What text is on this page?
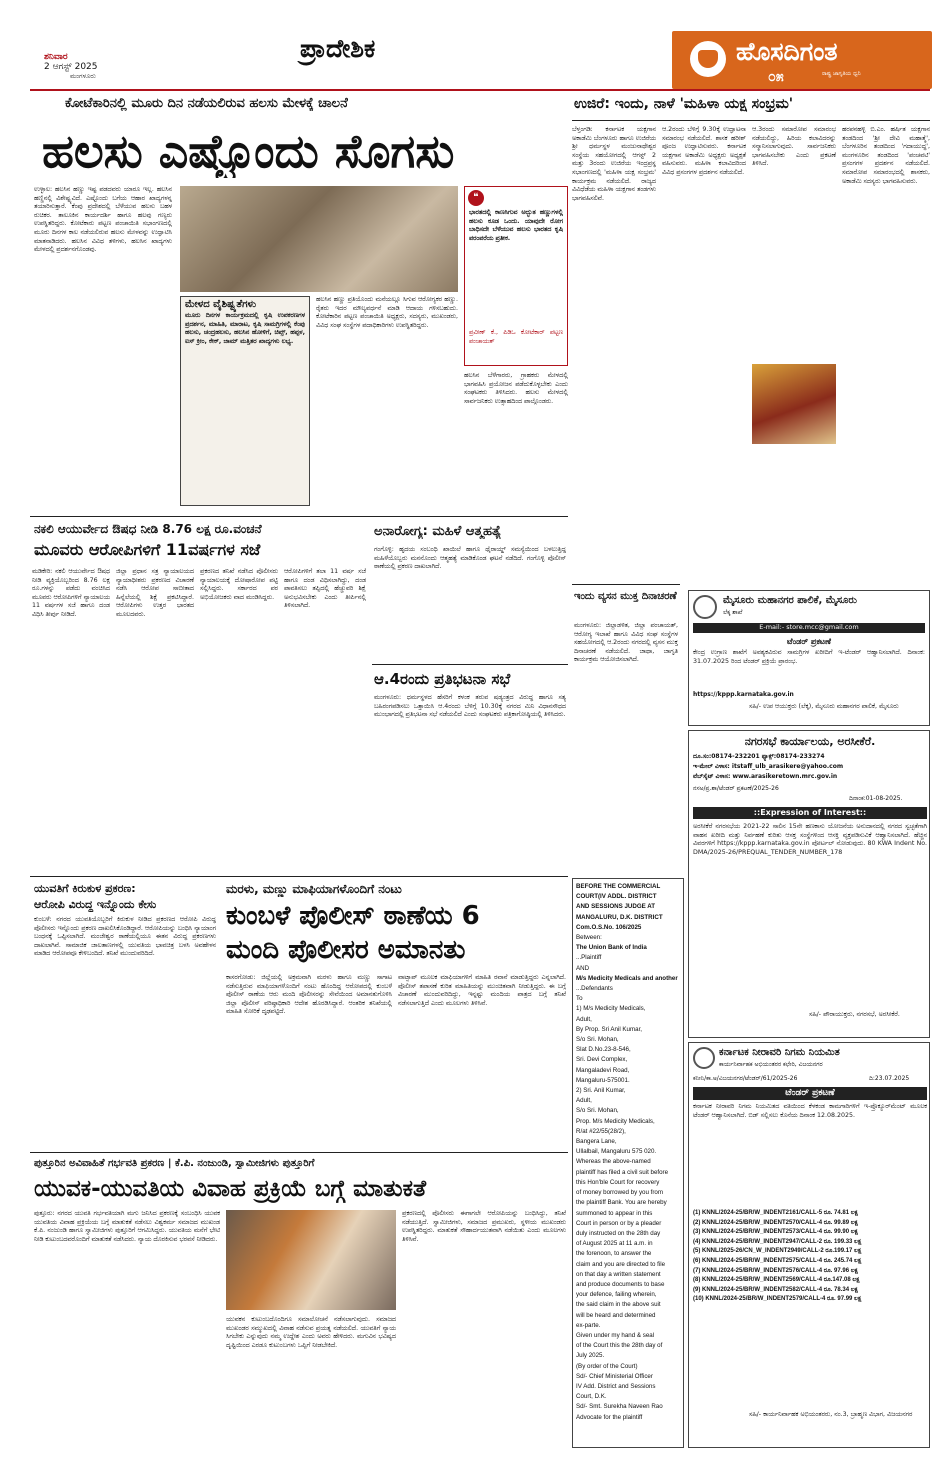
ಶನಿವಾರ
2 ಆಗಸ್ಟ್ 2025
ಮಂಗಳೂರು
ಪ್ರಾದೇಶಿಕ	ಹೊಸದಿಗಂತ
ರಾಷ್ಟ್ರ ಜಾಗೃತಿಯ ಧ್ವನಿ
೦೫
ಕೋಟೆಕಾರಿನಲ್ಲಿ ಮೂರು ದಿನ ನಡೆಯಲಿರುವ ಹಲಸು ಮೇಳಕ್ಕೆ ಚಾಲನೆ
ಹಲಸು ಎಷ್ಟೊಂದು ಸೊಗಸು
ಉಳ್ಳಾಲ: ಹಲಸಿನ ಹಣ್ಣು ಇಷ್ಟ ಪಡದವರು ಯಾರೂ ಇಲ್ಲ. ಹಲಸಿನ ಹಣ್ಣಿನಲ್ಲಿ ವಿಶೇಷ್ಟ್ಯವಿದೆ. ಎಷ್ಟೊಂದು ಬಗೆಯ ಆಹಾರ ಖಾದ್ಯಗಳನ್ನ ತಯಾರಿಸುತ್ತಾರೆ. ಕೆಂಪು ಪ್ರದೇಶದಲ್ಲಿ ಬೆಳೆಯುವ ಹಲಸು ಬಹಳ ರುಚಿಕರ. ತಾಲೂಕಿನ ಕಾರ್ಯದರ್ಶಿ ಹಾಗೂ ಹಲವು ಗಣ್ಯರು ಉಪಸ್ಥಿತರಿದ್ದರು. ಕೋಟೆಕಾರು ಪಟ್ಟಣ ಪಂಚಾಯಿತಿ ಸಭಾಂಗಣದಲ್ಲಿ ಮೂರು ದಿನಗಳ ಕಾಲ ನಡೆಯಲಿರುವ ಹಲಸು ಮೇಳವನ್ನು ಉದ್ಘಾಟಿಸಿ ಮಾತನಾಡಿದರು. ಹಲಸಿನ ವಿವಿಧ ತಳಿಗಳು, ಹಲಸಿನ ಖಾದ್ಯಗಳು ಮೇಳದಲ್ಲಿ ಪ್ರದರ್ಶನಗೊಂಡವು.
ಮೇಳದ ವೈಶಿಷ್ಟ್ಯತೆಗಳು
ಮೂರು ದಿನಗಳ ಕಾರ್ಯಕ್ರಮದಲ್ಲಿ ಕೃಷಿ ಉಪಕರಣಗಳ ಪ್ರದರ್ಶನ, ಮಾಹಿತಿ, ಮಾರಾಟ, ಕೃಷಿ ಸಾಮಗ್ರಿಗಳಲ್ಲಿ ಕೆಂಪು ಹಲಸು, ಚಂದ್ರಹಲಸು, ಹಲಸಿನ ಹೋಳಿಗೆ, ಚಿಪ್ಸ್, ಹಪ್ಪಳ, ಐಸ್ ಕ್ರೀಂ, ಕೇಕ್, ಜಾಮ್ ಮತ್ತಿತರ ಖಾದ್ಯಗಳು ಲಭ್ಯ.
ಹಲಸಿನ ಹಣ್ಣು ಪ್ರತಿಯೊಂದು ಮನೆಯಲ್ಲೂ ಸಿಗುವ ಆರೋಗ್ಯಕರ ಹಣ್ಣು. ರೈತರು ಇದರ ಮೌಲ್ಯವರ್ಧನೆ ಮಾಡಿ ಆದಾಯ ಗಳಿಸಬಹುದು. ಕೋಟೆಕಾರಿನ ಪಟ್ಟಣ ಪಂಚಾಯಿತಿ ಅಧ್ಯಕ್ಷರು, ಸದಸ್ಯರು, ಮುಖಂಡರು, ವಿವಿಧ ಸಂಘ ಸಂಸ್ಥೆಗಳ ಪದಾಧಿಕಾರಿಗಳು ಉಪಸ್ಥಿತರಿದ್ದರು.
❝
ಭಾರತದಲ್ಲಿ ಕಾಣಸಿಗುವ ಅದ್ಭುತ ಹಣ್ಣುಗಳಲ್ಲಿ ಹಲಸು ಕೂಡ ಒಂದು. ಯಾವುದೇ ರೋಗ ಬಾಧಿಸದೇ ಬೆಳೆಯುವ ಹಲಸು ಭಾರತದ ಕೃಷಿ ಪರಂಪರೆಯ ಪ್ರತೀಕ.
ಪ್ರವೀಣ್ ಕೆ., ಪಿಡಿಒ ಕೋಟೆಕಾರ್ ಪಟ್ಟಣ ಪಂಚಾಯತ್
ಹಲಸಿನ ಬೆಳೆಗಾರರು, ಗ್ರಾಹಕರು ಮೇಳದಲ್ಲಿ ಭಾಗವಹಿಸಿ ಪ್ರಯೋಜನ ಪಡೆದುಕೊಳ್ಳಬೇಕು ಎಂದು ಸಂಘಟಕರು ತಿಳಿಸಿದರು. ಹಲಸು ಮೇಳದಲ್ಲಿ ಸಾರ್ವಜನಿಕರು ಉತ್ಸಾಹದಿಂದ ಪಾಲ್ಗೊಂಡರು.
ಉಜಿರೆ: ಇಂದು, ನಾಳೆ 'ಮಹಿಳಾ ಯಕ್ಷ ಸಂಭ್ರಮ'
ಬೆಳ್ತಂಗಡಿ: ಕರ್ನಾಟಕ ಯಕ್ಷಗಾನ ಅಕಾಡೆಮಿ ಬೆಂಗಳೂರು ಹಾಗೂ ಉಜಿರೆಯ ಶ್ರೀ ಧರ್ಮಸ್ಥಳ ಮಂಜುನಾಥೇಶ್ವರ ಸಂಸ್ಥೆಯ ಸಹಯೋಗದಲ್ಲಿ ಆಗಸ್ಟ್ 2 ಮತ್ತು 3ರಂದು ಉಜಿರೆಯ ಇಂದ್ರಪ್ರಸ್ಥ ಸಭಾಂಗಣದಲ್ಲಿ 'ಮಹಿಳಾ ಯಕ್ಷ ಸಂಭ್ರಮ' ಕಾರ್ಯಕ್ರಮ ನಡೆಯಲಿದೆ. ರಾಜ್ಯದ ವಿವಿಧೆಡೆಯ ಮಹಿಳಾ ಯಕ್ಷಗಾನ ತಂಡಗಳು ಭಾಗವಹಿಸಲಿವೆ.
ಆ.2ರಂದು ಬೆಳಿಗ್ಗೆ 9.30ಕ್ಕೆ ಉದ್ಘಾಟನಾ ಸಮಾರಂಭ ನಡೆಯಲಿದೆ. ಶಾಸಕ ಹರೀಶ್ ಪೂಂಜ ಉದ್ಘಾಟಿಸುವರು. ಕರ್ನಾಟಕ ಯಕ್ಷಗಾನ ಅಕಾಡೆಮಿ ಅಧ್ಯಕ್ಷರು ಅಧ್ಯಕ್ಷತೆ ವಹಿಸುವರು. ಮಹಿಳಾ ಕಲಾವಿದರಿಂದ ವಿವಿಧ ಪ್ರಸಂಗಗಳ ಪ್ರದರ್ಶನ ನಡೆಯಲಿದೆ.
ಆ.3ರಂದು ಸಮಾರೋಪ ಸಮಾರಂಭ ನಡೆಯಲಿದ್ದು, ಹಿರಿಯ ಕಲಾವಿದರನ್ನು ಸನ್ಮಾನಿಸಲಾಗುವುದು. ಸಾರ್ವಜನಿಕರು ಭಾಗವಹಿಸಬೇಕು ಎಂದು ಪ್ರಕಟಣೆ ತಿಳಿಸಿದೆ.
ಹರಪನಹಳ್ಳಿ ಬಿ.ಎಂ. ಹರ್ಷಿತ ಯಕ್ಷಗಾನ ತಂಡದಿಂದ 'ಶ್ರೀ ದೇವಿ ಮಹಾತ್ಮೆ', ಬೆಂಗಳೂರಿನ ತಂಡದಿಂದ 'ಗದಾಯುದ್ಧ', ಮಂಗಳೂರಿನ ತಂಡದಿಂದ 'ಪಂಚವಟಿ' ಪ್ರಸಂಗಗಳ ಪ್ರದರ್ಶನ ನಡೆಯಲಿದೆ. ಸಮಾರೋಪ ಸಮಾರಂಭದಲ್ಲಿ ಶಾಸಕರು, ಅಕಾಡೆಮಿ ಸದಸ್ಯರು ಭಾಗವಹಿಸುವರು.
ನಕಲಿ ಆಯುರ್ವೇದ ಔಷಧ ನೀಡಿ 8.76 ಲಕ್ಷ ರೂ.ವಂಚನೆ
ಮೂವರು ಆರೋಪಿಗಳಿಗೆ 11ವರ್ಷಗಳ ಸಜೆ
ಮಡಿಕೇರಿ: ನಕಲಿ ಆಯುರ್ವೇದ ಔಷಧ ನೀಡಿ ವ್ಯಕ್ತಿಯೊಬ್ಬರಿಂದ 8.76 ಲಕ್ಷ ರೂ.ಗಳನ್ನು ಪಡೆದು ವಂಚಿಸಿದ ಮೂವರು ಆರೋಪಿಗಳಿಗೆ ನ್ಯಾಯಾಲಯ 11 ವರ್ಷಗಳ ಸಜೆ ಹಾಗೂ ದಂಡ ವಿಧಿಸಿ ತೀರ್ಪು ನೀಡಿದೆ.
ಜಿಲ್ಲಾ ಪ್ರಧಾನ ಸತ್ರ ನ್ಯಾಯಾಲಯದ ನ್ಯಾಯಾಧೀಶರು ಪ್ರಕರಣದ ವಿಚಾರಣೆ ನಡೆಸಿ ಆರೋಪ ಸಾಬೀತಾದ ಹಿನ್ನೆಲೆಯಲ್ಲಿ ಶಿಕ್ಷೆ ಪ್ರಕಟಿಸಿದ್ದಾರೆ. ಆರೋಪಿಗಳು ಉತ್ತರ ಭಾರತದ ಮೂಲದವರು.
ಪ್ರಕರಣದ ತನಿಖೆ ನಡೆಸಿದ ಪೊಲೀಸರು ನ್ಯಾಯಾಲಯಕ್ಕೆ ದೋಷಾರೋಪ ಪಟ್ಟಿ ಸಲ್ಲಿಸಿದ್ದರು. ಸರ್ಕಾರದ ಪರ ಅಭಿಯೋಜಕರು ವಾದ ಮಂಡಿಸಿದ್ದರು.
ಆರೋಪಿಗಳಿಗೆ ತಲಾ 11 ವರ್ಷ ಸಜೆ ಹಾಗೂ ದಂಡ ವಿಧಿಸಲಾಗಿದ್ದು, ದಂಡ ಪಾವತಿಸಲು ತಪ್ಪಿದಲ್ಲಿ ಹೆಚ್ಚುವರಿ ಶಿಕ್ಷೆ ಅನುಭವಿಸಬೇಕು ಎಂದು ತೀರ್ಪಿನಲ್ಲಿ ತಿಳಿಸಲಾಗಿದೆ.
ಅನಾರೋಗ್ಯ: ಮಹಿಳೆ ಆತ್ಮಹತ್ಯೆ
ಗಂಗೊಳ್ಳಿ: ಹೃದಯ ಸಂಬಂಧಿ ಖಾಯಿಲೆ ಹಾಗೂ ಥೈರಾಯ್ಡ್ ಸಮಸ್ಯೆಯಿಂದ ಬಳಲುತ್ತಿದ್ದ ಮಹಿಳೆಯೊಬ್ಬರು ಮನನೊಂದು ಆತ್ಮಹತ್ಯೆ ಮಾಡಿಕೊಂಡ ಘಟನೆ ನಡೆದಿದೆ. ಗಂಗೊಳ್ಳಿ ಪೊಲೀಸ್ ಠಾಣೆಯಲ್ಲಿ ಪ್ರಕರಣ ದಾಖಲಾಗಿದೆ.
ಆ.4ರಂದು ಪ್ರತಿಭಟನಾ ಸಭೆ
ಮಂಗಳೂರು: ಧರ್ಮಸ್ಥಳದ ಹೆಸರಿಗೆ ಕಳಂಕ ತರುವ ಷಡ್ಯಂತ್ರದ ವಿರುದ್ಧ ಹಾಗೂ ಸತ್ಯ ಬಹಿರಂಗಪಡಿಸಲು ಒತ್ತಾಯಿಸಿ ಆ.4ರಂದು ಬೆಳಿಗ್ಗೆ 10.30ಕ್ಕೆ ನಗರದ ಮಿನಿ ವಿಧಾನಸೌಧದ ಮುಂಭಾಗದಲ್ಲಿ ಪ್ರತಿಭಟನಾ ಸಭೆ ನಡೆಯಲಿದೆ ಎಂದು ಸಂಘಟಕರು ಪತ್ರಿಕಾಗೋಷ್ಠಿಯಲ್ಲಿ ತಿಳಿಸಿದರು.
ಇಂದು ವ್ಯಸನ ಮುಕ್ತ ದಿನಾಚರಣೆ
ಮಂಗಳೂರು: ಜಿಲ್ಲಾಡಳಿತ, ಜಿಲ್ಲಾ ಪಂಚಾಯತ್, ಆರೋಗ್ಯ ಇಲಾಖೆ ಹಾಗೂ ವಿವಿಧ ಸಂಘ ಸಂಸ್ಥೆಗಳ ಸಹಯೋಗದಲ್ಲಿ ಆ.2ರಂದು ನಗರದಲ್ಲಿ ವ್ಯಸನ ಮುಕ್ತ ದಿನಾಚರಣೆ ನಡೆಯಲಿದೆ. ಜಾಥಾ, ಜಾಗೃತಿ ಕಾರ್ಯಕ್ರಮ ಆಯೋಜಿಸಲಾಗಿದೆ.
ಮೈಸೂರು ಮಹಾನಗರ ಪಾಲಿಕೆ, ಮೈಸೂರು
ಲೆಕ್ಕ ಶಾಖೆ
E-mail:- store.mcc@gmail.com
ಟೆಂಡರ್ ಪ್ರಕಟಣೆ
ಕೇಂದ್ರ ಉಗ್ರಾಣ ಶಾಖೆಗೆ ಅವಶ್ಯಕವಿರುವ ಸಾಮಗ್ರಿಗಳ ಖರೀದಿಗೆ ಇ-ಟೆಂಡರ್ ಆಹ್ವಾನಿಸಲಾಗಿದೆ. ದಿನಾಂಕ: 31.07.2025 ರಿಂದ ಟೆಂಡರ್ ಪ್ರಕ್ರಿಯೆ ಪ್ರಾರಂಭ.
https://kppp.karnataka.gov.in
ಸಹಿ/- ಉಪ ಆಯುಕ್ತರು (ಲೆಕ್ಕ), ಮೈಸೂರು ಮಹಾನಗರ ಪಾಲಿಕೆ, ಮೈಸೂರು
ನಗರಸಭೆ ಕಾರ್ಯಾಲಯ, ಅರಸೀಕೆರೆ.
ದೂ.ಸಂ:08174-232201 ಫ್ಯಾಕ್ಸ್:08174-233274
ಇ-ಮೇಲ್ ವಿಳಾಸ: itstaff_ulb_arasikere@yahoo.com
ವೆಬ್‌ಸೈಟ್ ವಿಳಾಸ: www.arasikeretown.mrc.gov.in
ನಸಅ/ಪ್ರ.ಶಾ/ಟೆಂಡರ್ ಪ್ರಕಟಣೆ/2025-26
ದಿನಾಂಕ:01-08-2025.
::Expression of Interest::
ಅರಸೀಕೆರೆ ನಗರಸಭೆಯ 2021-22 ಸಾಲಿನ 15ನೇ ಹಣಕಾಸು ಯೋಜನೆಯ ಅನುದಾನದಲ್ಲಿ ನಗರದ ಸ್ವಚ್ಛತೆಗಾಗಿ ವಾಹನ ಖರೀದಿ ಮತ್ತು ನಿರ್ವಹಣೆ ಕುರಿತು ಆಸಕ್ತ ಸಂಸ್ಥೆಗಳಿಂದ ಆಸಕ್ತಿ ವ್ಯಕ್ತಪಡಿಸುವಿಕೆ ಆಹ್ವಾನಿಸಲಾಗಿದೆ. ಹೆಚ್ಚಿನ ವಿವರಗಳಿಗೆ https://kppp.karnataka.gov.in ಪೋರ್ಟಲ್ ನೋಡುವುದು. 80 KWA Indent No. DMA/2025-26/PREQUAL_TENDER_NUMBER_178
ಸಹಿ/- ಪೌರಾಯುಕ್ತರು, ನಗರಸಭೆ, ಅರಸೀಕೆರೆ.
BEFORE THE COMMERCIAL
COURT(IV ADDL. DISTRICT
AND SESSIONS JUDGE AT
MANGALURU, D.K. DISTRICT
Com.O.S.No. 106/2025
Between:
The Union Bank of India
...Plaintiff
AND
M/s Medicity Medicals and another
...Defendants
To
1) M/s Medicity Medicals,
Adult,
By Prop. Sri Anil Kumar,
S/o Sri. Mohan,
Slat D.No.23-8-546,
Sri. Devi Complex,
Mangaladevi Road,
Mangaluru-575001.
2) Sri. Anil Kumar,
Adult,
S/o Sri. Mohan,
Prop. M/s Medicity Medicals,
R/at #22/55(28/2),
Bangera Lane,
Ullalbail, Mangaluru 575 020.
Whereas the above-named
plaintiff has filed a civil suit before
this Hon'ble Court for recovery
of money borrowed by you from
the plaintiff Bank. You are hereby
summoned to appear in this
Court in person or by a pleader
duly instructed on the 28th day
of August 2025 at 11 a.m. in
the forenoon, to answer the
claim and you are directed to file
on that day a written statement
and produce documents to base
your defence, failing wherein,
the said claim in the above suit
will be heard and determined
ex-parte.
Given under my hand & seal
of the Court this the 28th day of
July 2025.
(By order of the Court)
Sd/- Chief Ministerial Officer
IV Add. District and Sessions
Court, D.K.
Sd/- Smt. Surekha Naveen Rao
Advocate for the plaintiff
ಕರ್ನಾಟಕ ನೀರಾವರಿ ನಿಗಮ ನಿಯಮಿತ
ಕಾರ್ಯನಿರ್ವಾಹಕ ಅಭಿಯಂತರರ ಕಛೇರಿ, ವಿಜಯನಗರ
ಕನೀನಿ/ಕಾ.ಅ/ವಿಜಯನಗರ/ಟೆಂಡರ್/61/2025-26	ದಿ:23.07.2025
ಟೆಂಡರ್ ಪ್ರಕಟಣೆ
ಕರ್ನಾಟಕ ನೀರಾವರಿ ನಿಗಮ ನಿಯಮಿತದ ವತಿಯಿಂದ ಕೆಳಕಂಡ ಕಾಮಗಾರಿಗಳಿಗೆ ಇ-ಪ್ರೊಕ್ಯೂರ್‌ಮೆಂಟ್ ಮೂಲಕ ಟೆಂಡರ್ ಆಹ್ವಾನಿಸಲಾಗಿದೆ. ಬಿಡ್ ಸಲ್ಲಿಸಲು ಕೊನೆಯ ದಿನಾಂಕ 12.08.2025.
(1) KNNL/2024-25/BR/W_INDENT2161/CALL-5 ರೂ. 74.81 ಲಕ್ಷ
(2) KNNL/2024-25/BR/W_INDENT2570/CALL-4 ರೂ. 99.89 ಲಕ್ಷ
(3) KNNL/2024-25/BR/W_INDENT2573/CALL-4 ರೂ. 99.90 ಲಕ್ಷ
(4) KNNL/2024-25/BR/W_INDENT2947/CALL-2 ರೂ. 199.33 ಲಕ್ಷ
(5) KNNL/2025-26/CN_W_INDENT2949/CALL-2 ರೂ.199.17 ಲಕ್ಷ
(6) KNNL/2024-25/BR/W_INDENT2575/CALL-4 ರೂ. 245.74 ಲಕ್ಷ
(7) KNNL/2024-25/BR/W_INDENT2576/CALL-4 ರೂ. 97.96 ಲಕ್ಷ
(8) KNNL/2024-25/BR/W_INDENT2569/CALL-4 ರೂ.147.08 ಲಕ್ಷ
(9) KNNL/2024-25/BR/W_INDENT2582/CALL-4 ರೂ. 78.34 ಲಕ್ಷ
(10) KNNL/2024-25/BR/W_INDENT2579/CALL-4 ರೂ. 97.99 ಲಕ್ಷ
ಸಹಿ/- ಕಾರ್ಯನಿರ್ವಾಹಕ ಅಭಿಯಂತರರು, ನಂ.3, ಬ್ರಾಹ್ಮಣ ವಿಭಾಗ, ವಿಜಯನಗರ
ಯುವತಿಗೆ ಕಿರುಕುಳ ಪ್ರಕರಣ:
ಆರೋಪಿ ವಿರುದ್ಧ ಇನ್ನೊಂದು ಕೇಸು
ಕುಂಬಳೆ: ನಗರದ ಯುವತಿಯೊಬ್ಬರಿಗೆ ಕಿರುಕುಳ ನೀಡಿದ ಪ್ರಕರಣದ ಆರೋಪಿ ವಿರುದ್ಧ ಪೊಲೀಸರು ಇನ್ನೊಂದು ಪ್ರಕರಣ ದಾಖಲಿಸಿಕೊಂಡಿದ್ದಾರೆ. ಆರೋಪಿಯನ್ನು ಬಂಧಿಸಿ ನ್ಯಾಯಾಂಗ ಬಂಧನಕ್ಕೆ ಒಪ್ಪಿಸಲಾಗಿದೆ. ಮಂಜೇಶ್ವರ ಠಾಣೆಯಲ್ಲಿಯೂ ಈತನ ವಿರುದ್ಧ ಪ್ರಕರಣಗಳು ದಾಖಲಾಗಿವೆ. ಸಾಮಾಜಿಕ ಜಾಲತಾಣಗಳಲ್ಲಿ ಯುವತಿಯ ಭಾವಚಿತ್ರ ಬಳಸಿ ಅವಹೇಳನ ಮಾಡಿದ ಆರೋಪವೂ ಕೇಳಿಬಂದಿದೆ. ತನಿಖೆ ಮುಂದುವರಿದಿದೆ.
ಮರಳು, ಮಣ್ಣು ಮಾಫಿಯಾಗಳೊಂದಿಗೆ ನಂಟು
ಕುಂಬಳೆ ಪೊಲೀಸ್ ಠಾಣೆಯ 6
ಮಂದಿ ಪೊಲೀಸರ ಅಮಾನತು
ಕಾಸರಗೋಡು: ಜಿಲ್ಲೆಯಲ್ಲಿ ಅಕ್ರಮವಾಗಿ ಮರಳು ಹಾಗೂ ಮಣ್ಣು ಸಾಗಾಟ ನಡೆಸುತ್ತಿರುವ ಮಾಫಿಯಾಗಳೊಂದಿಗೆ ನಂಟು ಹೊಂದಿದ್ದ ಆರೋಪದಲ್ಲಿ ಕುಂಬಳೆ ಪೊಲೀಸ್ ಠಾಣೆಯ ಆರು ಮಂದಿ ಪೊಲೀಸರನ್ನು ಸೇವೆಯಿಂದ ಅಮಾನತುಗೊಳಿಸಿ ಜಿಲ್ಲಾ ಪೊಲೀಸ್ ವರಿಷ್ಠಾಧಿಕಾರಿ ಆದೇಶ ಹೊರಡಿಸಿದ್ದಾರೆ. ಆಂತರಿಕ ತನಿಖೆಯಲ್ಲಿ ಮಾಹಿತಿ ಸೋರಿಕೆ ದೃಢಪಟ್ಟಿದೆ.
ವಾಟ್ಸಾಪ್ ಮೂಲಕ ಮಾಫಿಯಾಗಳಿಗೆ ಮಾಹಿತಿ ರವಾನೆ ಮಾಡುತ್ತಿದ್ದರು ಎನ್ನಲಾಗಿದೆ. ಪೊಲೀಸ್ ತಪಾಸಣೆ ಕುರಿತ ಮಾಹಿತಿಯನ್ನು ಮುಂಚಿತವಾಗಿ ನೀಡುತ್ತಿದ್ದರು. ಈ ಬಗ್ಗೆ ವಿಚಾರಣೆ ಮುಂದುವರಿದಿದ್ದು, ಇನ್ನಷ್ಟು ಮಂದಿಯ ಪಾತ್ರದ ಬಗ್ಗೆ ತನಿಖೆ ನಡೆಸಲಾಗುತ್ತಿದೆ ಎಂದು ಮೂಲಗಳು ತಿಳಿಸಿವೆ.
ಪುತ್ತೂರಿನ ಅವಿವಾಹಿತೆ ಗರ್ಭವತಿ ಪ್ರಕರಣ | ಕೆ.ಪಿ. ನಂಜುಂಡಿ, ಸ್ವಾಮೀಜಿಗಳು ಪುತ್ತೂರಿಗೆ
ಯುವಕ-ಯುವತಿಯ ವಿವಾಹ ಪ್ರಕ್ರಿಯೆ ಬಗ್ಗೆ ಮಾತುಕತೆ
ಪುತ್ತೂರು: ನಗರದ ಯುವತಿ ಗರ್ಭವತಿಯಾಗಿ ಮಗು ಜನಿಸಿದ ಪ್ರಕರಣಕ್ಕೆ ಸಂಬಂಧಿಸಿ ಯುವಕ ಯುವತಿಯ ವಿವಾಹ ಪ್ರಕ್ರಿಯೆಯ ಬಗ್ಗೆ ಮಾತುಕತೆ ನಡೆಸಲು ವಿಶ್ವಕರ್ಮ ಸಮಾಜದ ಮುಖಂಡ ಕೆ.ಪಿ. ನಂಜುಂಡಿ ಹಾಗೂ ಸ್ವಾಮೀಜಿಗಳು ಪುತ್ತೂರಿಗೆ ಆಗಮಿಸಿದ್ದರು. ಯುವತಿಯ ಮನೆಗೆ ಭೇಟಿ ನೀಡಿ ಕುಟುಂಬದವರೊಂದಿಗೆ ಮಾತುಕತೆ ನಡೆಸಿದರು. ನ್ಯಾಯ ದೊರಕಿಸುವ ಭರವಸೆ ನೀಡಿದರು.
ಯುವಕನ ಕುಟುಂಬದೊಂದಿಗೂ ಸಮಾಲೋಚನೆ ನಡೆಸಲಾಗುವುದು. ಸಮಾಜದ ಮುಖಂಡರ ಸಮ್ಮುಖದಲ್ಲಿ ವಿವಾಹ ನಡೆಸುವ ಪ್ರಯತ್ನ ನಡೆಯಲಿದೆ. ಯುವತಿಗೆ ನ್ಯಾಯ ಸಿಗಬೇಕು ಎನ್ನುವುದು ನಮ್ಮ ಉದ್ದೇಶ ಎಂದು ಅವರು ಹೇಳಿದರು. ಮಗುವಿನ ಭವಿಷ್ಯದ ದೃಷ್ಟಿಯಿಂದ ಎರಡೂ ಕುಟುಂಬಗಳು ಒಪ್ಪಿಗೆ ನೀಡಬೇಕಿದೆ.
ಪ್ರಕರಣದಲ್ಲಿ ಪೊಲೀಸರು ಈಗಾಗಲೇ ಆರೋಪಿಯನ್ನು ಬಂಧಿಸಿದ್ದು, ತನಿಖೆ ನಡೆಯುತ್ತಿದೆ. ಸ್ವಾಮೀಜಿಗಳು, ಸಮಾಜದ ಪ್ರಮುಖರು, ಸ್ಥಳೀಯ ಮುಖಂಡರು ಉಪಸ್ಥಿತರಿದ್ದರು. ಮಾತುಕತೆ ಸೌಹಾರ್ದಯುತವಾಗಿ ನಡೆಯಿತು ಎಂದು ಮೂಲಗಳು ತಿಳಿಸಿವೆ.
